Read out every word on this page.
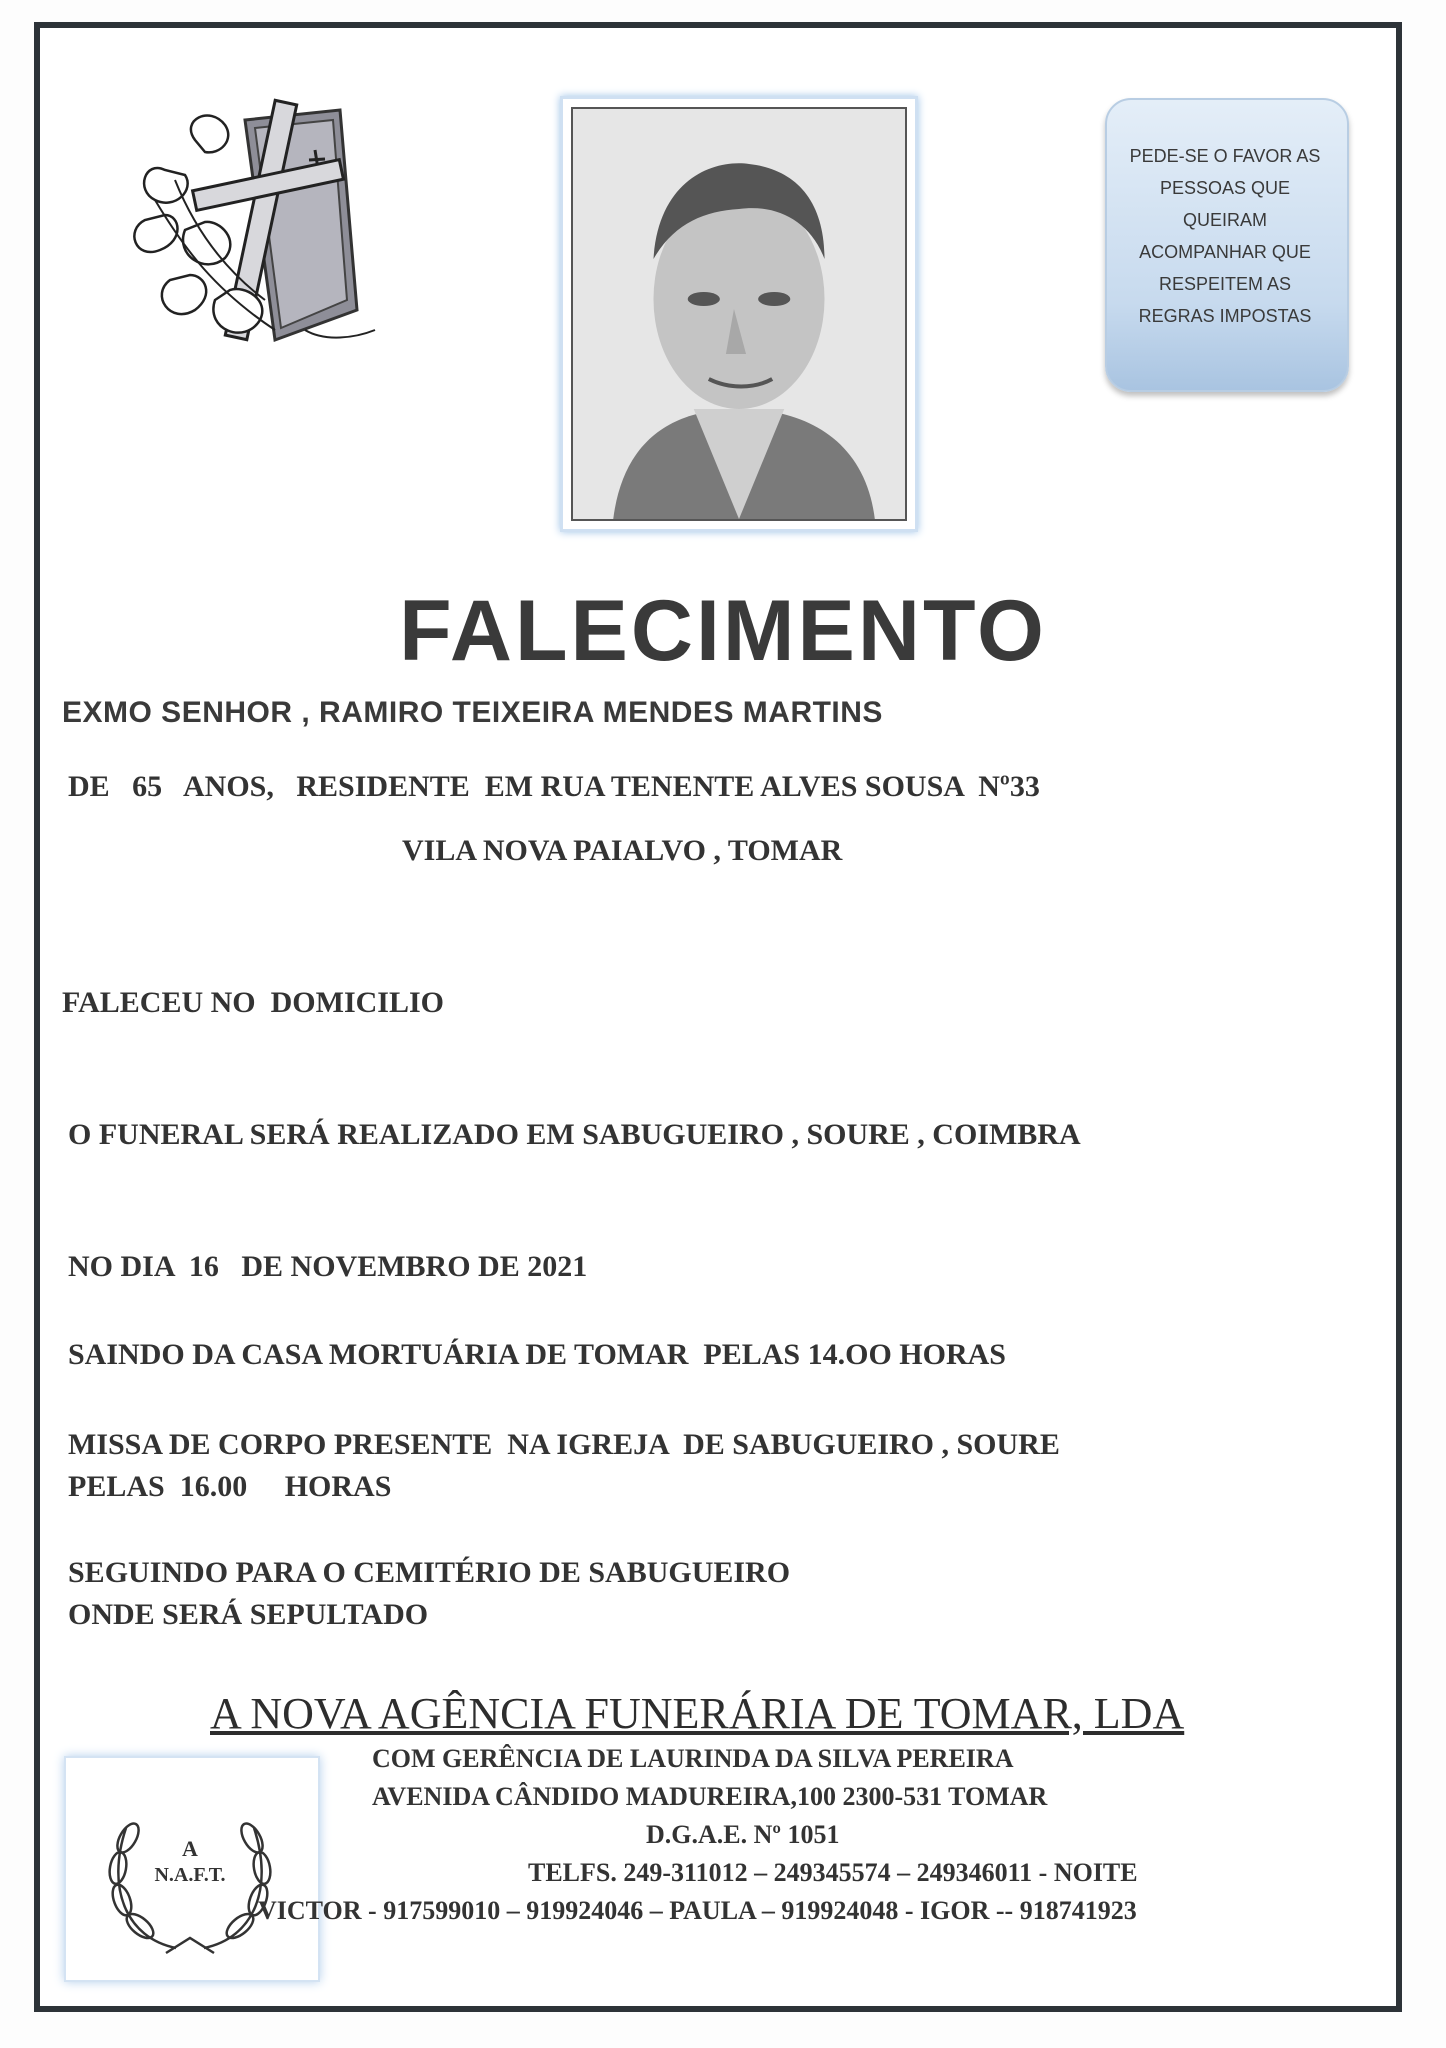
PEDE-SE O FAVOR AS
PESSOAS QUE
QUEIRAM
ACOMPANHAR QUE
RESPEITEM AS
REGRAS IMPOSTAS
FALECIMENTO
EXMO SENHOR , RAMIRO TEIXEIRA MENDES MARTINS
DE   65   ANOS,   RESIDENTE  EM RUA TENENTE ALVES SOUSA  Nº33
VILA NOVA PAIALVO , TOMAR
FALECEU NO  DOMICILIO
O FUNERAL SERÁ REALIZADO EM SABUGUEIRO , SOURE , COIMBRA
NO DIA  16   DE NOVEMBRO DE 2021
SAINDO DA CASA MORTUÁRIA DE TOMAR  PELAS 14.OO HORAS
MISSA DE CORPO PRESENTE  NA IGREJA  DE SABUGUEIRO , SOURE
PELAS  16.00     HORAS
SEGUINDO PARA O CEMITÉRIO DE SABUGUEIRO
ONDE SERÁ SEPULTADO
A NOVA AGÊNCIA FUNERÁRIA DE TOMAR, LDA
COM GERÊNCIA DE LAURINDA DA SILVA PEREIRA
AVENIDA CÂNDIDO MADUREIRA,100 2300-531 TOMAR
D.G.A.E. Nº 1051
TELFS. 249-311012 – 249345574 – 249346011 - NOITE
A
N.A.F.T.
VICTOR - 917599010 – 919924046 – PAULA – 919924048 - IGOR -- 918741923
